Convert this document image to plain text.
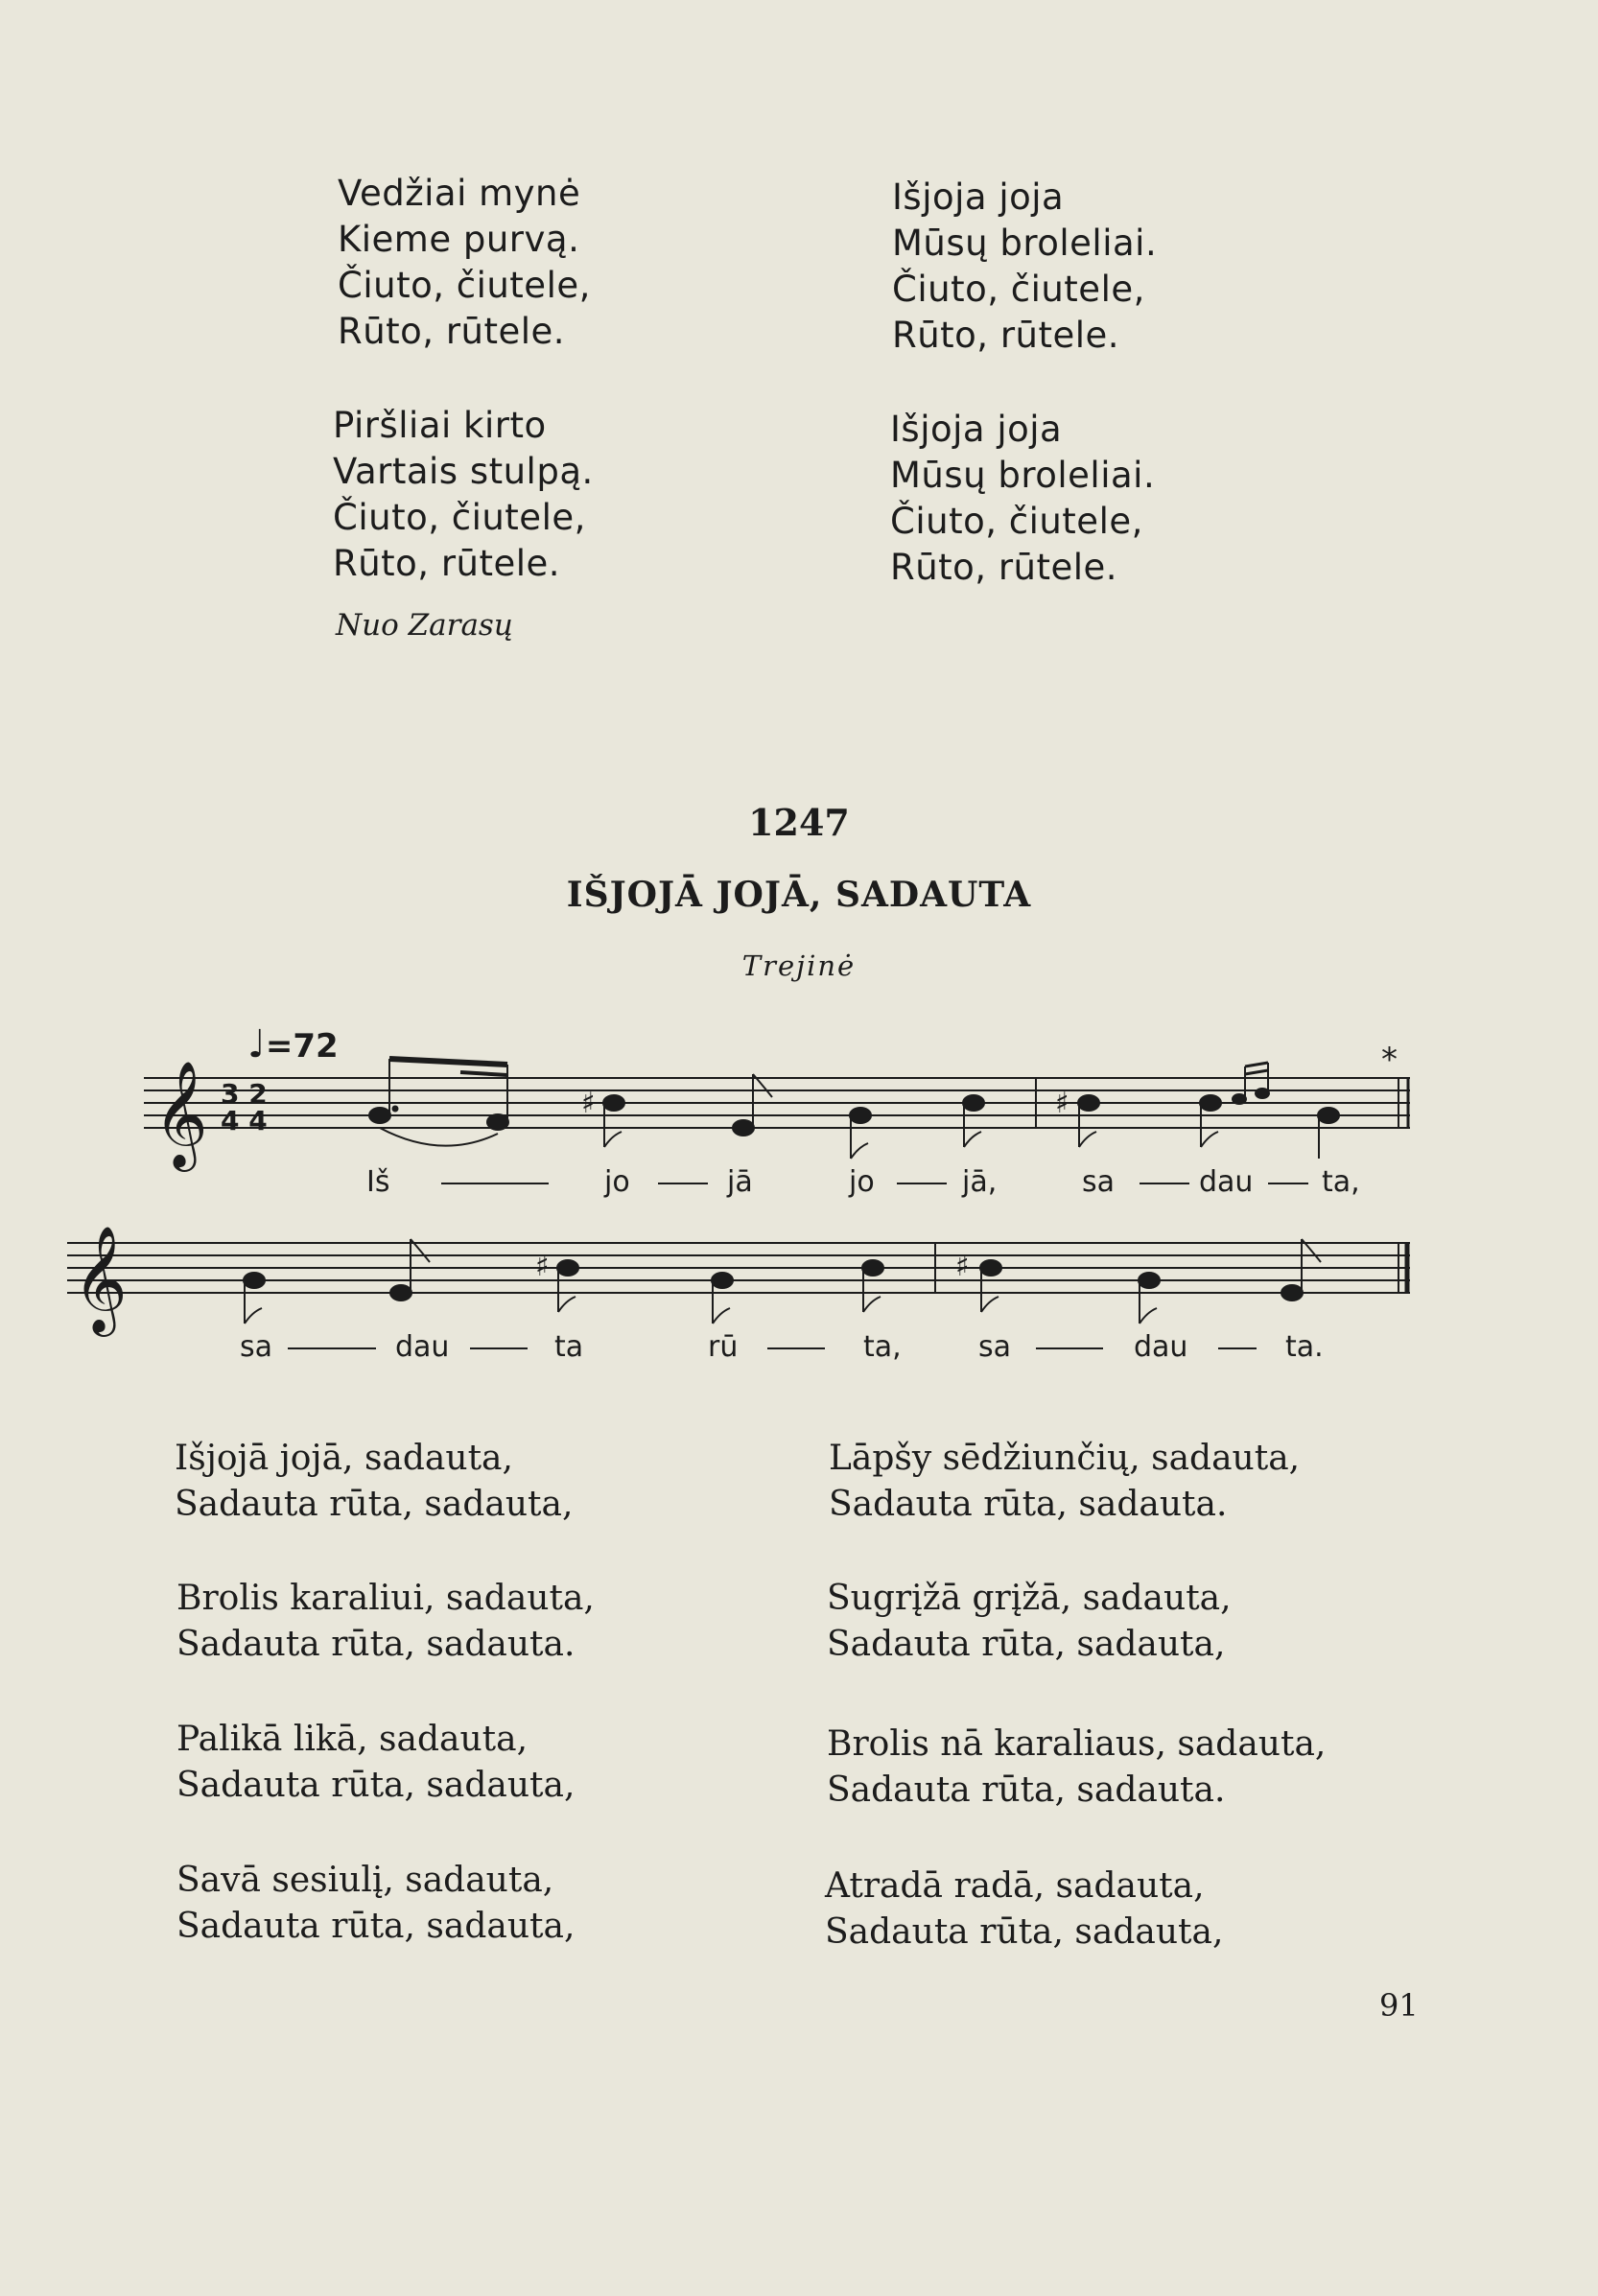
Vedžiai mynė
Kieme purvą.
Čiuto, čiutele,
Rūto, rūtele.
Piršliai kirto
Vartais stulpą.
Čiuto, čiutele,
Rūto, rūtele.
Išjoja joja
Mūsų broleliai.
Čiuto, čiutele,
Rūto, rūtele.
Išjoja joja
Mūsų broleliai.
Čiuto, čiutele,
Rūto, rūtele.
Nuo Zarasų
1247
IŠJOJĀ JOJĀ, SADAUTA
Trejinė
♩=72
𝄞
𝄞
3 2
4 4
♯	♯
♯	♯
*
Iš	jo	jā	jo	jā,	sa	dau ta,
sa	dau	ta	rū	ta,	sa	dau	ta.
Išjojā jojā, sadauta,
Sadauta rūta, sadauta,
Brolis karaliui, sadauta,
Sadauta rūta, sadauta.
Palikā likā, sadauta,
Sadauta rūta, sadauta,
Savā sesiulį, sadauta,
Sadauta rūta, sadauta,
Lāpšy sēdžiunčių, sadauta,
Sadauta rūta, sadauta.
Sugrįžā grįžā, sadauta,
Sadauta rūta, sadauta,
Brolis nā karaliaus, sadauta,
Sadauta rūta, sadauta.
Atradā radā, sadauta,
Sadauta rūta, sadauta,
91
